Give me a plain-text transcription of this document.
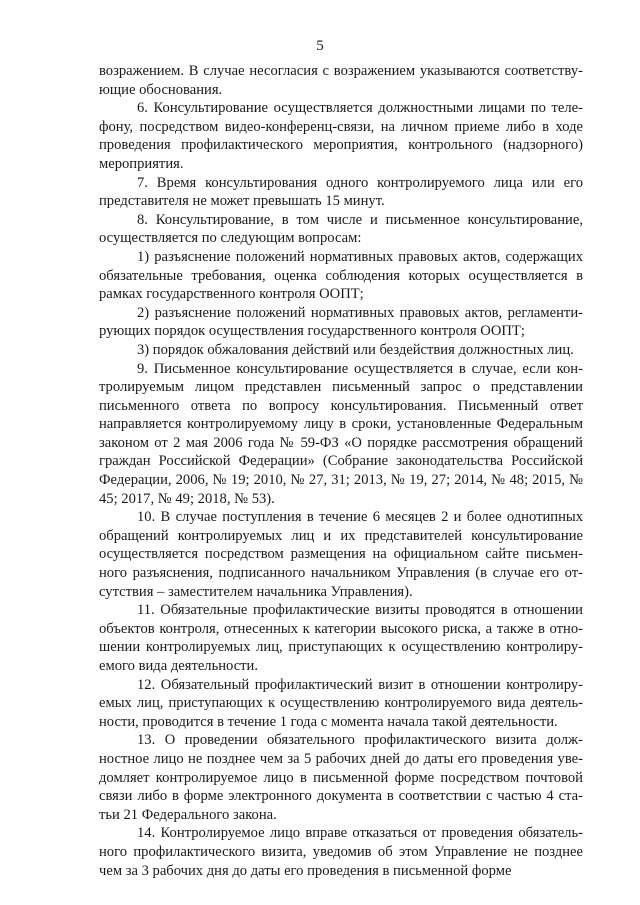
5

возражением. В случае несогласия с возражением указываются соответствующие обоснования.

6. Консультирование осуществляется должностными лицами по телефону, посредством видео-конференц-связи, на личном приеме либо в ходе проведения профилактического мероприятия, контрольного (надзорного) мероприятия.

7. Время консультирования одного контролируемого лица или его представителя не может превышать 15 минут.

8. Консультирование, в том числе и письменное консультирование, осуществляется по следующим вопросам:

1) разъяснение положений нормативных правовых актов, содержащих обязательные требования, оценка соблюдения которых осуществляется в рамках государственного контроля ООПТ;

2) разъяснение положений нормативных правовых актов, регламентирующих порядок осуществления государственного контроля ООПТ;

3) порядок обжалования действий или бездействия должностных лиц.

9. Письменное консультирование осуществляется в случае, если контролируемым лицом представлен письменный запрос о представлении письменного ответа по вопросу консультирования. Письменный ответ направляется контролируемому лицу в сроки, установленные Федеральным законом от 2 мая 2006 года № 59-ФЗ «О порядке рассмотрения обращений граждан Российской Федерации» (Собрание законодательства Российской Федерации, 2006, № 19; 2010, № 27, 31; 2013, № 19, 27; 2014, № 48; 2015, № 45; 2017, № 49; 2018, № 53).

10. В случае поступления в течение 6 месяцев 2 и более однотипных обращений контролируемых лиц и их представителей консультирование осуществляется посредством размещения на официальном сайте письменного разъяснения, подписанного начальником Управления (в случае его отсутствия – заместителем начальника Управления).

11. Обязательные профилактические визиты проводятся в отношении объектов контроля, отнесенных к категории высокого риска, а также в отношении контролируемых лиц, приступающих к осуществлению контролируемого вида деятельности.

12. Обязательный профилактический визит в отношении контролируемых лиц, приступающих к осуществлению контролируемого вида деятельности, проводится в течение 1 года с момента начала такой деятельности.

13. О проведении обязательного профилактического визита должностное лицо не позднее чем за 5 рабочих дней до даты его проведения уведомляет контролируемое лицо в письменной форме посредством почтовой связи либо в форме электронного документа в соответствии с частью 4 статьи 21 Федерального закона.

14. Контролируемое лицо вправе отказаться от проведения обязательного профилактического визита, уведомив об этом Управление не позднее чем за 3 рабочих дня до даты его проведения в письменной форме
